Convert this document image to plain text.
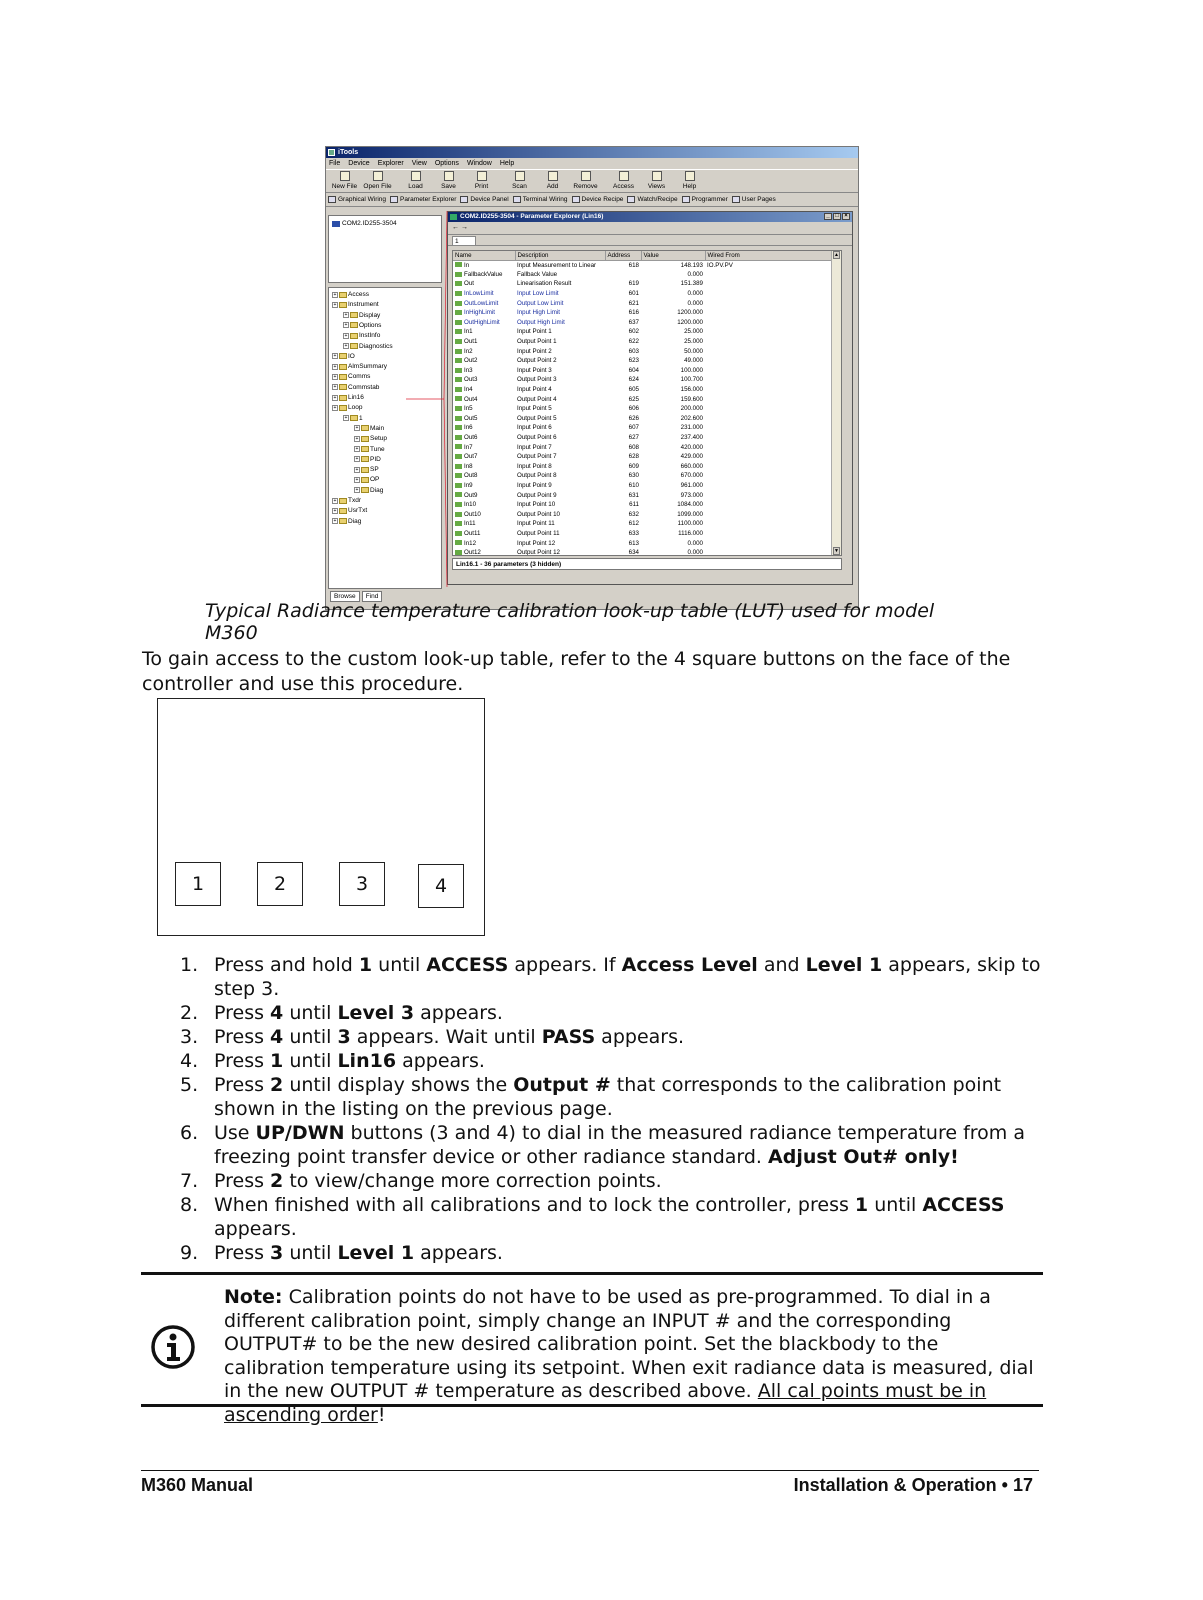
iTools
File Device Explorer View Options Window Help
New File Open File	Load	Save	Print	Scan	Add	Remove	Access	Views	Help
Graphical Wiring Parameter Explorer Device Panel Terminal Wiring Device Recipe Watch/Recipe Programmer User Pages
COM2.ID255-3504
+ Access
+ Instrument
+ Display
+ Options
+ InstInfo
+ Diagnostics
+ IO
+ AlmSummary
+ Comms
+ Commstab
+ Lin16
+ Loop
+ 1
+ Main
+ Setup
+ Tune
+ PID
+ SP
+ OP
+ Diag
+ Txdr
+ UsrTxt
+ Diag
Browse	Find
COM2.ID255-3504 - Parameter Explorer (Lin16)	_ □ ×
← →
1
Name	Description	Address	Value	Wired From
In	Input Measurement to Linear	618	148.193	IO.PV.PV
FallbackValue	Fallback Value		0.000	
Out	Linearisation Result	619	151.389	
InLowLimit	Input Low Limit	601	0.000	
OutLowLimit	Output Low Limit	621	0.000	
InHighLimit	Input High Limit	616	1200.000	
OutHighLimit	Output High Limit	637	1200.000	
In1	Input Point 1	602	25.000	
Out1	Output Point 1	622	25.000	
In2	Input Point 2	603	50.000	
Out2	Output Point 2	623	49.000	
In3	Input Point 3	604	100.000	
Out3	Output Point 3	624	100.700	
In4	Input Point 4	605	156.000	
Out4	Output Point 4	625	159.600	
In5	Input Point 5	606	200.000	
Out5	Output Point 5	626	202.600	
In6	Input Point 6	607	231.000	
Out6	Output Point 6	627	237.400	
In7	Input Point 7	608	420.000	
Out7	Output Point 7	628	429.000	
In8	Input Point 8	609	660.000	
Out8	Output Point 8	630	670.000	
In9	Input Point 9	610	961.000	
Out9	Output Point 9	631	973.000	
In10	Input Point 10	611	1084.000	
Out10	Output Point 10	632	1099.000	
In11	Input Point 11	612	1100.000	
Out11	Output Point 11	633	1116.000	
In12	Input Point 12	613	0.000	
Out12	Output Point 12	634	0.000	
▲
▼
Lin16.1 - 36 parameters (3 hidden)
Typical Radiance temperature calibration look-up table (LUT) used for model M360
To gain access to the custom look-up table, refer to the 4 square buttons on the face of the controller and use this procedure.
1	2	3	4
1. Press and hold 1 until ACCESS appears. If Access Level and Level 1 appears, skip to step 3.
2. Press 4 until Level 3 appears.
3. Press 4 until 3 appears. Wait until PASS appears.
4. Press 1 until Lin16 appears.
5. Press 2 until display shows the Output # that corresponds to the calibration point shown in the listing on the previous page.
6. Use UP/DWN buttons (3 and 4) to dial in the measured radiance temperature from a freezing point transfer device or other radiance standard. Adjust Out# only!
7. Press 2 to view/change more correction points.
8. When finished with all calibrations and to lock the controller, press 1 until ACCESS appears.
9. Press 3 until Level 1 appears.
Note: Calibration points do not have to be used as pre-programmed. To dial in a different calibration point, simply change an INPUT # and the corresponding OUTPUT# to be the new desired calibration point. Set the blackbody to the calibration temperature using its setpoint. When exit radiance data is measured, dial in the new OUTPUT # temperature as described above. All cal points must be in ascending order!
M360 Manual	Installation & Operation • 17
